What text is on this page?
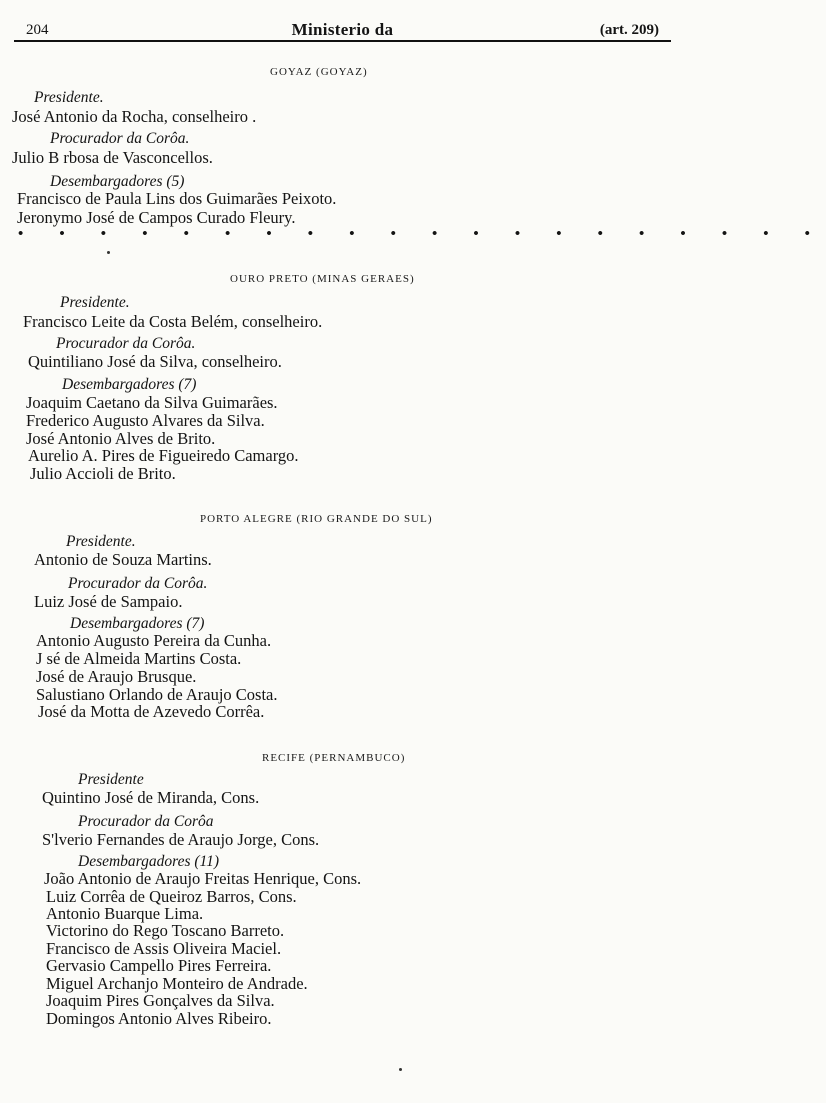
204	Ministerio da	(art. 209)
GOYAZ (GOYAZ)
Presidente.
José Antonio da Rocha, conselheiro .
Procurador da Corôa.
Julio B rbosa de Vasconcellos.
Desembargadores (5)
Francisco de Paula Lins dos Guimarães Peixoto.
Jeronymo José de Campos Curado Fleury.
• • • • • • • • • • • • • • • • • • • •
OURO PRETO (MINAS GERAES)
Presidente.
Francisco Leite da Costa Belém, conselheiro.
Procurador da Corôa.
Quintiliano José da Silva, conselheiro.
Desembargadores (7)
Joaquim Caetano da Silva Guimarães.
Frederico Augusto Alvares da Silva.
José Antonio Alves de Brito.
Aurelio A. Pires de Figueiredo Camargo.
Julio Accioli de Brito.
PORTO ALEGRE (RIO GRANDE DO SUL)
Presidente.
Antonio de Souza Martins.
Procurador da Corôa.
Luiz José de Sampaio.
Desembargadores (7)
Antonio Augusto Pereira da Cunha.
J sé de Almeida Martins Costa.
José de Araujo Brusque.
Salustiano Orlando de Araujo Costa.
José da Motta de Azevedo Corrêa.
RECIFE (PERNAMBUCO)
Presidente
Quintino José de Miranda, Cons.
Procurador da Corôa
S'lverio Fernandes de Araujo Jorge, Cons.
Desembargadores (11)
João Antonio de Araujo Freitas Henrique, Cons.
Luiz Corrêa de Queiroz Barros, Cons.
Antonio Buarque Lima.
Victorino do Rego Toscano Barreto.
Francisco de Assis Oliveira Maciel.
Gervasio Campello Pires Ferreira.
Miguel Archanjo Monteiro de Andrade.
Joaquim Pires Gonçalves da Silva.
Domingos Antonio Alves Ribeiro.
